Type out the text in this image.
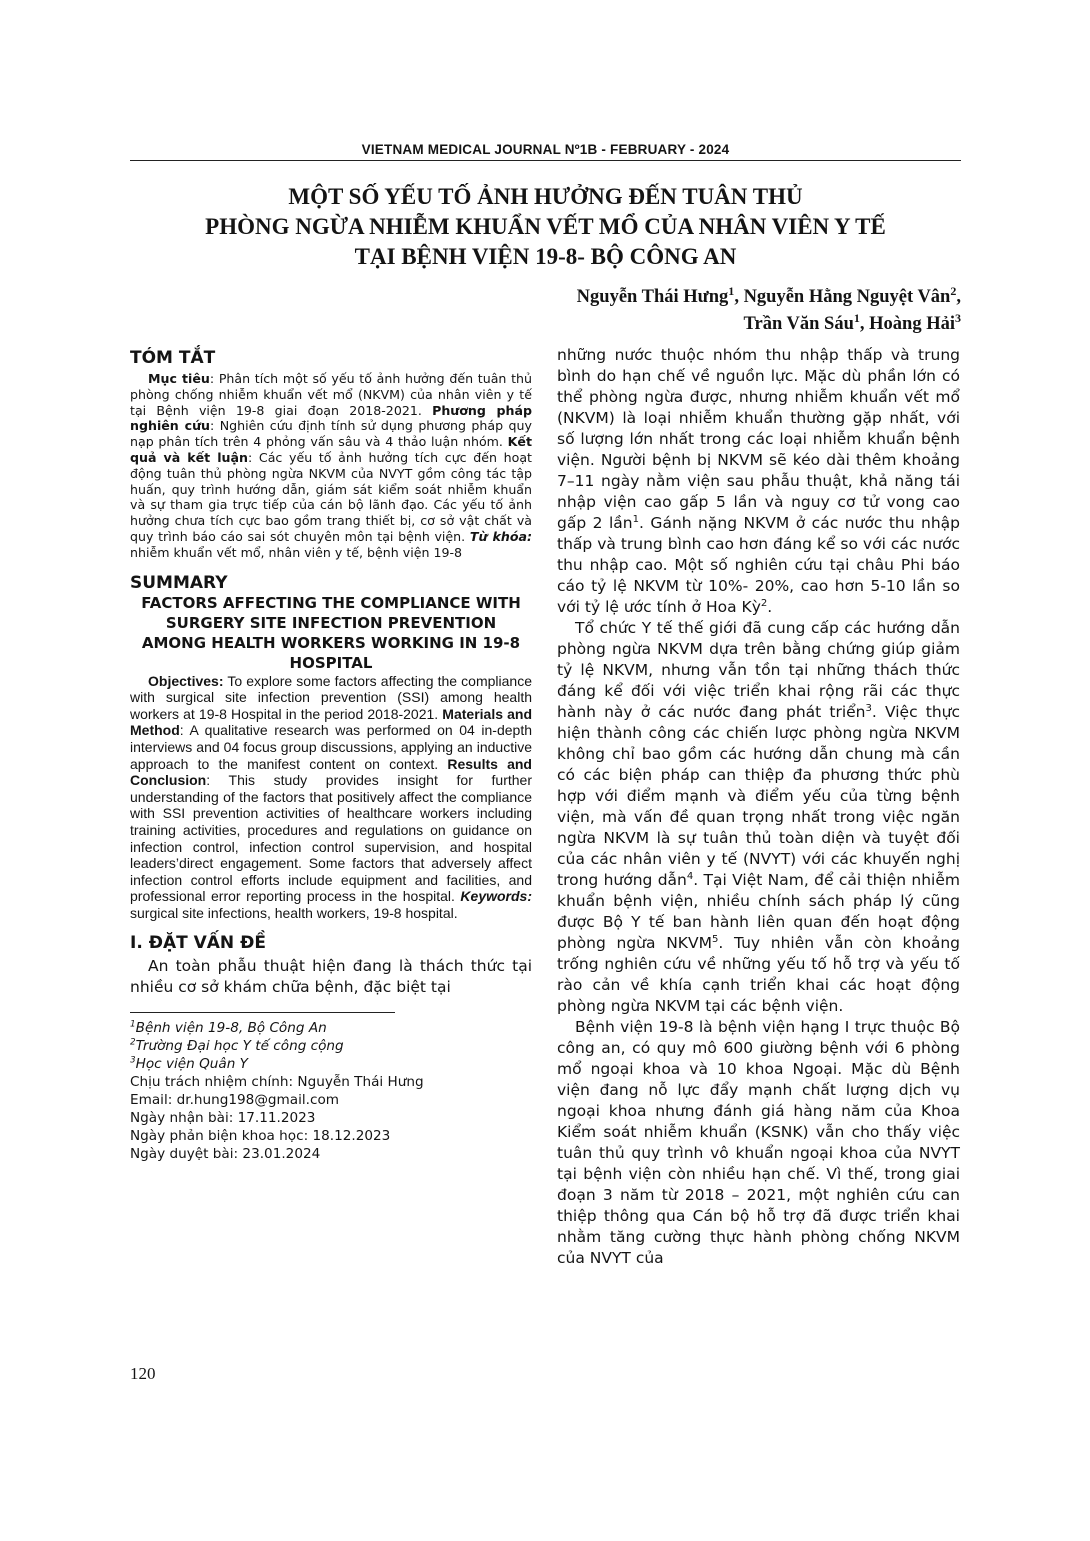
VIETNAM MEDICAL JOURNAL Nº1B - FEBRUARY - 2024
MỘT SỐ YẾU TỐ ẢNH HƯỞNG ĐẾN TUÂN THỦ
PHÒNG NGỪA NHIỄM KHUẨN VẾT MỔ CỦA NHÂN VIÊN Y TẾ
TẠI BỆNH VIỆN 19-8- BỘ CÔNG AN
Nguyễn Thái Hưng$^1$, Nguyễn Hằng Nguyệt Vân$^2$,
Trần Văn Sáu$^1$, Hoàng Hải$^3$
TÓM TẮT

Mục tiêu: Phân tích một số yếu tố ảnh hưởng đến tuân thủ phòng chống nhiễm khuẩn vết mổ (NKVM) của nhân viên y tế tại Bệnh viện 19-8 giai đoạn 2018-2021. Phương pháp nghiên cứu: Nghiên cứu định tính sử dụng phương pháp quy nạp phân tích trên 4 phỏng vấn sâu và 4 thảo luận nhóm. Kết quả và kết luận: Các yếu tố ảnh hưởng tích cực đến hoạt động tuân thủ phòng ngừa NKVM của NVYT gồm công tác tập huấn, quy trình hướng dẫn, giám sát kiểm soát nhiễm khuẩn và sự tham gia trực tiếp của cán bộ lãnh đạo. Các yếu tố ảnh hưởng chưa tích cực bao gồm trang thiết bị, cơ sở vật chất và quy trình báo cáo sai sót chuyên môn tại bệnh viện. Từ khóa: nhiễm khuẩn vết mổ, nhân viên y tế, bệnh viện 19-8

SUMMARY
FACTORS AFFECTING THE COMPLIANCE WITH SURGERY SITE INFECTION PREVENTION AMONG HEALTH WORKERS WORKING IN 19-8 HOSPITAL

Objectives: To explore some factors affecting the compliance with surgical site infection prevention (SSI) among health workers at 19-8 Hospital in the period 2018-2021. Materials and Method: A qualitative research was performed on 04 in-depth interviews and 04 focus group discussions, applying an inductive approach to the manifest content on context. Results and Conclusion: This study provides insight for further understanding of the factors that positively affect the compliance with SSI prevention activities of healthcare workers including training activities, procedures and regulations on guidance on infection control, infection control supervision, and hospital leaders’direct engagement. Some factors that adversely affect infection control efforts include equipment and facilities, and professional error reporting process in the hospital. Keywords: surgical site infections, health workers, 19-8 hospital.

I. ĐẶT VẤN ĐỀ

An toàn phẫu thuật hiện đang là thách thức tại nhiều cơ sở khám chữa bệnh, đặc biệt tại

$^1$Bệnh viện 19-8, Bộ Công An

$^2$Trường Đại học Y tế công cộng

$^3$Học viện Quân Y

Chịu trách nhiệm chính: Nguyễn Thái Hưng

Email: dr.hung198@gmail.com

Ngày nhận bài: 17.11.2023

Ngày phản biện khoa học: 18.12.2023

Ngày duyệt bài: 23.01.2024

những nước thuộc nhóm thu nhập thấp và trung bình do hạn chế về nguồn lực. Mặc dù phần lớn có thể phòng ngừa được, nhưng nhiễm khuẩn vết mổ (NKVM) là loại nhiễm khuẩn thường gặp nhất, với số lượng lớn nhất trong các loại nhiễm khuẩn bệnh viện. Người bệnh bị NKVM sẽ kéo dài thêm khoảng 7–11 ngày nằm viện sau phẫu thuật, khả năng tái nhập viện cao gấp 5 lần và nguy cơ tử vong cao gấp 2 lần$^1$. Gánh nặng NKVM ở các nước thu nhập thấp và trung bình cao hơn đáng kể so với các nước thu nhập cao. Một số nghiên cứu tại châu Phi báo cáo tỷ lệ NKVM từ 10%- 20%, cao hơn 5-10 lần so với tỷ lệ ước tính ở Hoa Kỳ$^2$.

Tổ chức Y tế thế giới đã cung cấp các hướng dẫn phòng ngừa NKVM dựa trên bằng chứng giúp giảm tỷ lệ NKVM, nhưng vẫn tồn tại những thách thức đáng kể đối với việc triển khai rộng rãi các thực hành này ở các nước đang phát triển$^3$. Việc thực hiện thành công các chiến lược phòng ngừa NKVM không chỉ bao gồm các hướng dẫn chung mà cần có các biện pháp can thiệp đa phương thức phù hợp với điểm mạnh và điểm yếu của từng bệnh viện, mà vấn đề quan trọng nhất trong việc ngăn ngừa NKVM là sự tuân thủ toàn diện và tuyệt đối của các nhân viên y tế (NVYT) với các khuyến nghị trong hướng dẫn$^4$. Tại Việt Nam, để cải thiện nhiễm khuẩn bệnh viện, nhiều chính sách pháp lý cũng được Bộ Y tế ban hành liên quan đến hoạt động phòng ngừa NKVM$^5$. Tuy nhiên vẫn còn khoảng trống nghiên cứu về những yếu tố hỗ trợ và yếu tố rào cản về khía cạnh triển khai các hoạt động phòng ngừa NKVM tại các bệnh viện.

Bệnh viện 19-8 là bệnh viện hạng I trực thuộc Bộ công an, có quy mô 600 giường bệnh với 6 phòng mổ ngoại khoa và 10 khoa Ngoại. Mặc dù Bệnh viện đang nỗ lực đẩy mạnh chất lượng dịch vụ ngoại khoa nhưng đánh giá hàng năm của Khoa Kiểm soát nhiễm khuẩn (KSNK) vẫn cho thấy việc tuân thủ quy trình vô khuẩn ngoại khoa của NVYT tại bệnh viện còn nhiều hạn chế. Vì thế, trong giai đoạn 3 năm từ 2018 – 2021, một nghiên cứu can thiệp thông qua Cán bộ hỗ trợ đã được triển khai nhằm tăng cường thực hành phòng chống NKVM của NVYT của

120
